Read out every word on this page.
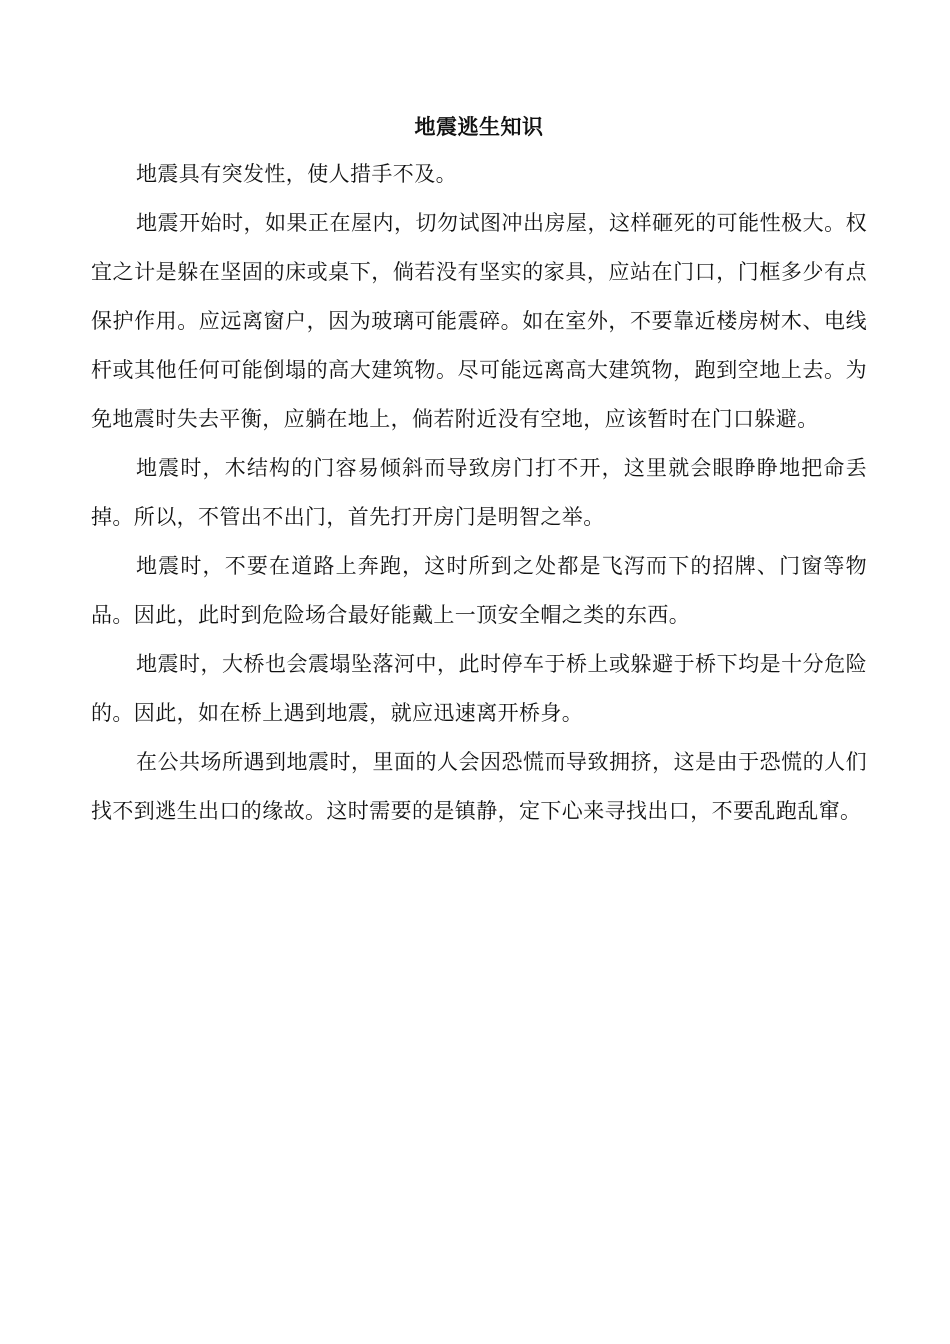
地震逃生知识

地震具有突发性，使人措手不及。

地震开始时，如果正在屋内，切勿试图冲出房屋，这样砸死的可能性极大。权宜之计是躲在坚固的床或桌下，倘若没有坚实的家具，应站在门口，门框多少有点保护作用。应远离窗户，因为玻璃可能震碎。如在室外，不要靠近楼房树木、电线杆或其他任何可能倒塌的高大建筑物。尽可能远离高大建筑物，跑到空地上去。为免地震时失去平衡，应躺在地上，倘若附近没有空地，应该暂时在门口躲避。

地震时，木结构的门容易倾斜而导致房门打不开，这里就会眼睁睁地把命丢掉。所以，不管出不出门，首先打开房门是明智之举。

地震时，不要在道路上奔跑，这时所到之处都是飞泻而下的招牌、门窗等物品。因此，此时到危险场合最好能戴上一顶安全帽之类的东西。

地震时，大桥也会震塌坠落河中，此时停车于桥上或躲避于桥下均是十分危险的。因此，如在桥上遇到地震，就应迅速离开桥身。

在公共场所遇到地震时，里面的人会因恐慌而导致拥挤，这是由于恐慌的人们找不到逃生出口的缘故。这时需要的是镇静，定下心来寻找出口，不要乱跑乱窜。
